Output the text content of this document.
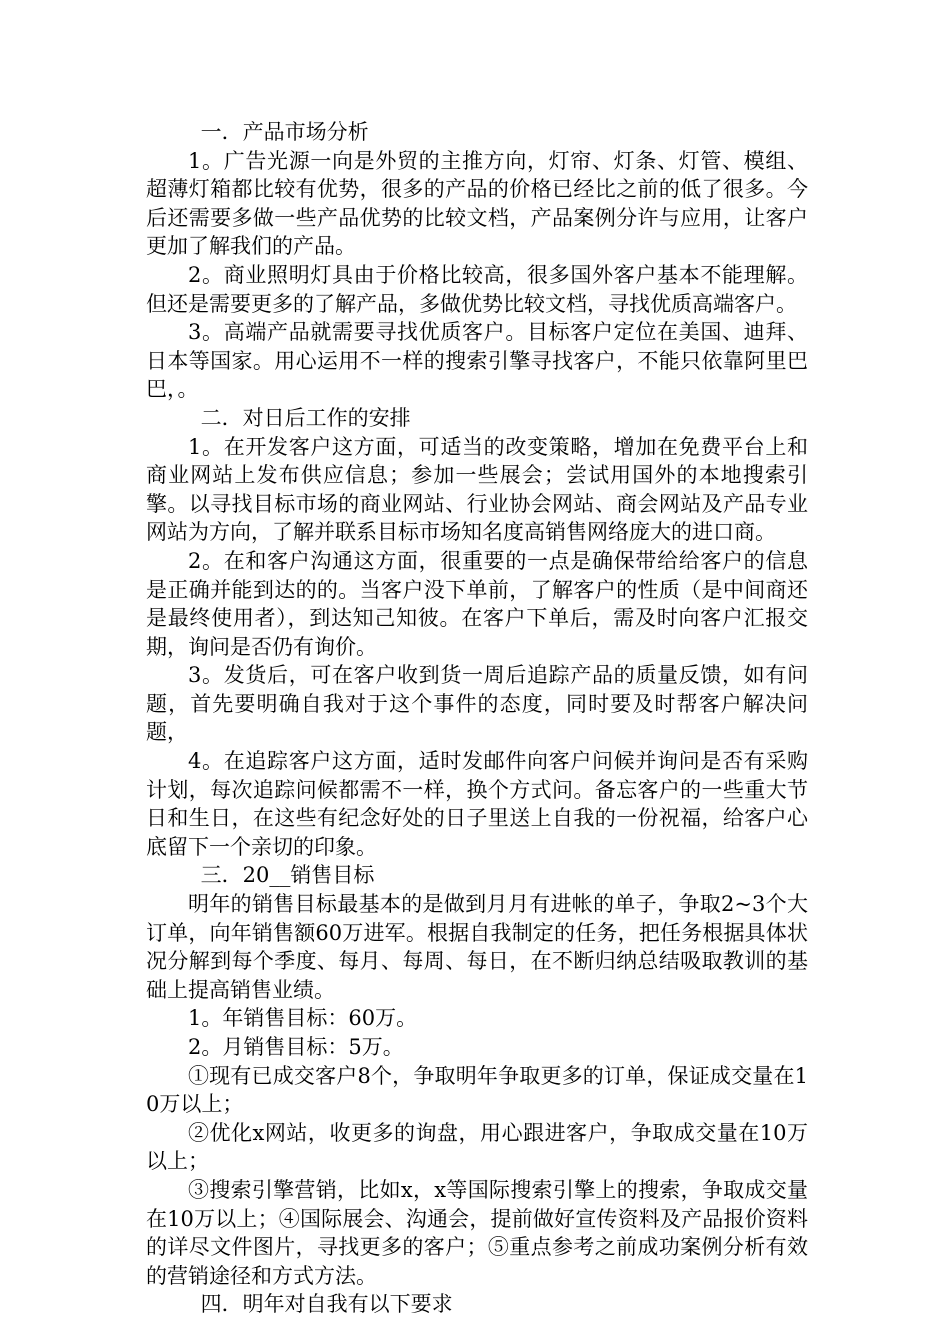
一．产品市场分析

1。广告光源一向是外贸的主推方向，灯帘、灯条、灯管、模组、超薄灯箱都比较有优势，很多的产品的价格已经比之前的低了很多。今后还需要多做一些产品优势的比较文档，产品案例分许与应用，让客户更加了解我们的产品。

2。商业照明灯具由于价格比较高，很多国外客户基本不能理解。但还是需要更多的了解产品，多做优势比较文档，寻找优质高端客户。

3。高端产品就需要寻找优质客户。目标客户定位在美国、迪拜、日本等国家。用心运用不一样的搜索引擎寻找客户，不能只依靠阿里巴巴，。

二．对日后工作的安排

1。在开发客户这方面，可适当的改变策略，增加在免费平台上和商业网站上发布供应信息；参加一些展会；尝试用国外的本地搜索引擎。以寻找目标市场的商业网站、行业协会网站、商会网站及产品专业网站为方向，了解并联系目标市场知名度高销售网络庞大的进口商。

2。在和客户沟通这方面，很重要的一点是确保带给给客户的信息是正确并能到达的的。当客户没下单前，了解客户的性质（是中间商还是最终使用者），到达知己知彼。在客户下单后，需及时向客户汇报交期，询问是否仍有询价。

3。发货后，可在客户收到货一周后追踪产品的质量反馈，如有问题，首先要明确自我对于这个事件的态度，同时要及时帮客户解决问题，

4。在追踪客户这方面，适时发邮件向客户问候并询问是否有采购计划，每次追踪问候都需不一样，换个方式问。备忘客户的一些重大节日和生日，在这些有纪念好处的日子里送上自我的一份祝福，给客户心底留下一个亲切的印象。

三．20__销售目标

明年的销售目标最基本的是做到月月有进帐的单子，争取2~3个大订单，向年销售额60万进军。根据自我制定的任务，把任务根据具体状况分解到每个季度、每月、每周、每日，在不断归纳总结吸取教训的基础上提高销售业绩。

1。年销售目标：60万。

2。月销售目标：5万。

①现有已成交客户8个，争取明年争取更多的订单，保证成交量在10万以上；

②优化x网站，收更多的询盘，用心跟进客户，争取成交量在10万以上；

③搜索引擎营销，比如x，x等国际搜索引擎上的搜索，争取成交量在10万以上；④国际展会、沟通会，提前做好宣传资料及产品报价资料的详尽文件图片，寻找更多的客户；⑤重点参考之前成功案例分析有效的营销途径和方式方法。

四．明年对自我有以下要求
